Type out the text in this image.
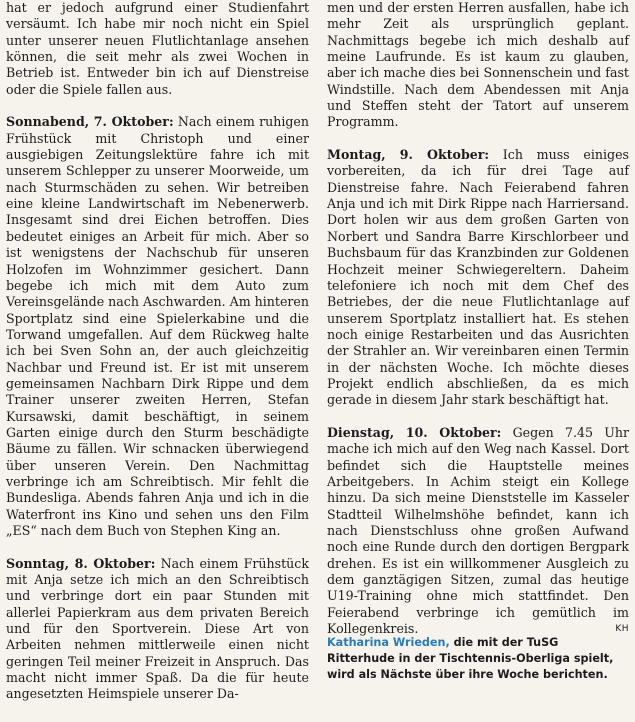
hat er jedoch aufgrund einer Studienfahrt versäumt. Ich habe mir noch nicht ein Spiel unter unserer neuen Flutlichtanlage ansehen können, die seit mehr als zwei Wochen in Betrieb ist. Entweder bin ich auf Dienstreise oder die Spiele fallen aus.

Sonnabend, 7. Oktober: Nach einem ruhigen Frühstück mit Christoph und einer ausgiebigen Zeitungslektüre fahre ich mit unserem Schlepper zu unserer Moorweide, um nach Sturmschäden zu sehen. Wir betreiben eine kleine Landwirtschaft im Nebenerwerb. Insgesamt sind drei Eichen betroffen. Dies bedeutet einiges an Arbeit für mich. Aber so ist wenigstens der Nachschub für unseren Holzofen im Wohnzimmer gesichert. Dann begebe ich mich mit dem Auto zum Vereinsgelände nach Aschwarden. Am hinteren Sportplatz sind eine Spielerkabine und die Torwand umgefallen. Auf dem Rückweg halte ich bei Sven Sohn an, der auch gleichzeitig Nachbar und Freund ist. Er ist mit unserem gemeinsamen Nachbarn Dirk Rippe und dem Trainer unserer zweiten Herren, Stefan Kursawski, damit beschäftigt, in seinem Garten einige durch den Sturm beschädigte Bäume zu fällen. Wir schnacken überwiegend über unseren Verein. Den Nachmittag verbringe ich am Schreibtisch. Mir fehlt die Bundesliga. Abends fahren Anja und ich in die Waterfront ins Kino und sehen uns den Film „ES“ nach dem Buch von Stephen King an.

Sonntag, 8. Oktober: Nach einem Frühstück mit Anja setze ich mich an den Schreibtisch und verbringe dort ein paar Stunden mit allerlei Papierkram aus dem privaten Bereich und für den Sportverein. Diese Art von Arbeiten nehmen mittlerweile einen nicht geringen Teil meiner Freizeit in Anspruch. Das macht nicht immer Spaß. Da die für heute angesetzten Heimspiele unserer Da-

men und der ersten Herren ausfallen, habe ich mehr Zeit als ursprünglich geplant. Nachmittags begebe ich mich deshalb auf meine Laufrunde. Es ist kaum zu glauben, aber ich mache dies bei Sonnenschein und fast Windstille. Nach dem Abendessen mit Anja und Steffen steht der Tatort auf unserem Programm.

Montag, 9. Oktober: Ich muss einiges vorbereiten, da ich für drei Tage auf Dienstreise fahre. Nach Feierabend fahren Anja und ich mit Dirk Rippe nach Harriersand. Dort holen wir aus dem großen Garten von Norbert und Sandra Barre Kirschlorbeer und Buchsbaum für das Kranzbinden zur Goldenen Hochzeit meiner Schwiegereltern. Daheim telefoniere ich noch mit dem Chef des Betriebes, der die neue Flutlichtanlage auf unserem Sportplatz installiert hat. Es stehen noch einige Restarbeiten und das Ausrichten der Strahler an. Wir vereinbaren einen Termin in der nächsten Woche. Ich möchte dieses Projekt endlich abschließen, da es mich gerade in diesem Jahr stark beschäftigt hat.

Dienstag, 10. Oktober: Gegen 7.45 Uhr mache ich mich auf den Weg nach Kassel. Dort befindet sich die Hauptstelle meines Arbeitgebers. In Achim steigt ein Kollege hinzu. Da sich meine Dienststelle im Kasseler Stadtteil Wilhelmshöhe befindet, kann ich nach Dienstschluss ohne großen Aufwand noch eine Runde durch den dortigen Bergpark drehen. Es ist ein willkommener Ausgleich zu dem ganztägigen Sitzen, zumal das heutige U19-Training ohne mich stattfindet. Den Feierabend verbringe ich gemütlich im Kollegenkreis.	KH

Katharina Wrieden, die mit der TuSG Ritterhude in der Tischtennis-Oberliga spielt, wird als Nächste über ihre Woche berichten.
